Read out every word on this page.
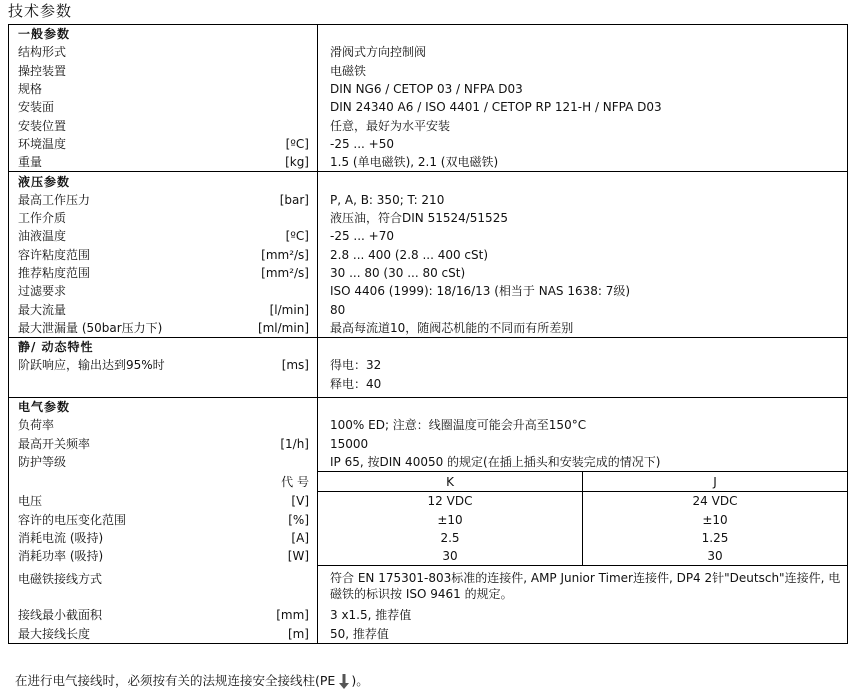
技术参数
一般参数			
结构形式		滑阀式方向控制阀	
操控装置		电磁铁	
规格		DIN NG6 / CETOP 03 / NFPA D03	
安装面		DIN 24340 A6 / ISO 4401 / CETOP RP 121-H / NFPA D03	
安装位置		任意，最好为水平安装	
环境温度	[ºC]	-25 ... +50	
重量	[kg]	1.5 (单电磁铁), 2.1 (双电磁铁)	
液压参数			
最高工作压力	[bar]	P, A, B: 350; T: 210	
工作介质		液压油，符合DIN 51524/51525	
油液温度	[ºC]	-25 ... +70	
容许粘度范围	[mm²/s]	2.8 ... 400 (2.8 ... 400 cSt)	
推荐粘度范围	[mm²/s]	30 ... 80 (30 ... 80 cSt)	
过滤要求		ISO 4406 (1999): 18/16/13 (相当于 NAS 1638: 7级)	
最大流量	[l/min]	80	
最大泄漏量 (50bar压力下)	[ml/min]	最高每流道10，随阀芯机能的不同而有所差别	
静/ 动态特性			
阶跃响应，输出达到95%时	[ms]	得电：32	
		释电：40	

电气参数			
负荷率		100% ED; 注意：线圈温度可能会升高至150°C	
最高开关频率	[1/h]	15000	
防护等级		IP 65, 按DIN 40050 的规定(在插上插头和安装完成的情况下)	
	代 号	K	J
电压	[V]	12 VDC	24 VDC
容许的电压变化范围	[%]	±10	±10
消耗电流 (吸持)	[A]	2.5	1.25
消耗功率 (吸持)	[W]	30	30
电磁铁接线方式		符合 EN 175301-803标准的连接件, AMP Junior Timer连接件, DP4 2针"Deutsch"连接件, 电磁铁的标识按 ISO 9461 的规定。	
接线最小截面积	[mm]	3 x1.5, 推荐值	
最大接线长度	[m]	50, 推荐值	
在进行电气接线时，必须按有关的法规连接安全接线柱(PE )。
